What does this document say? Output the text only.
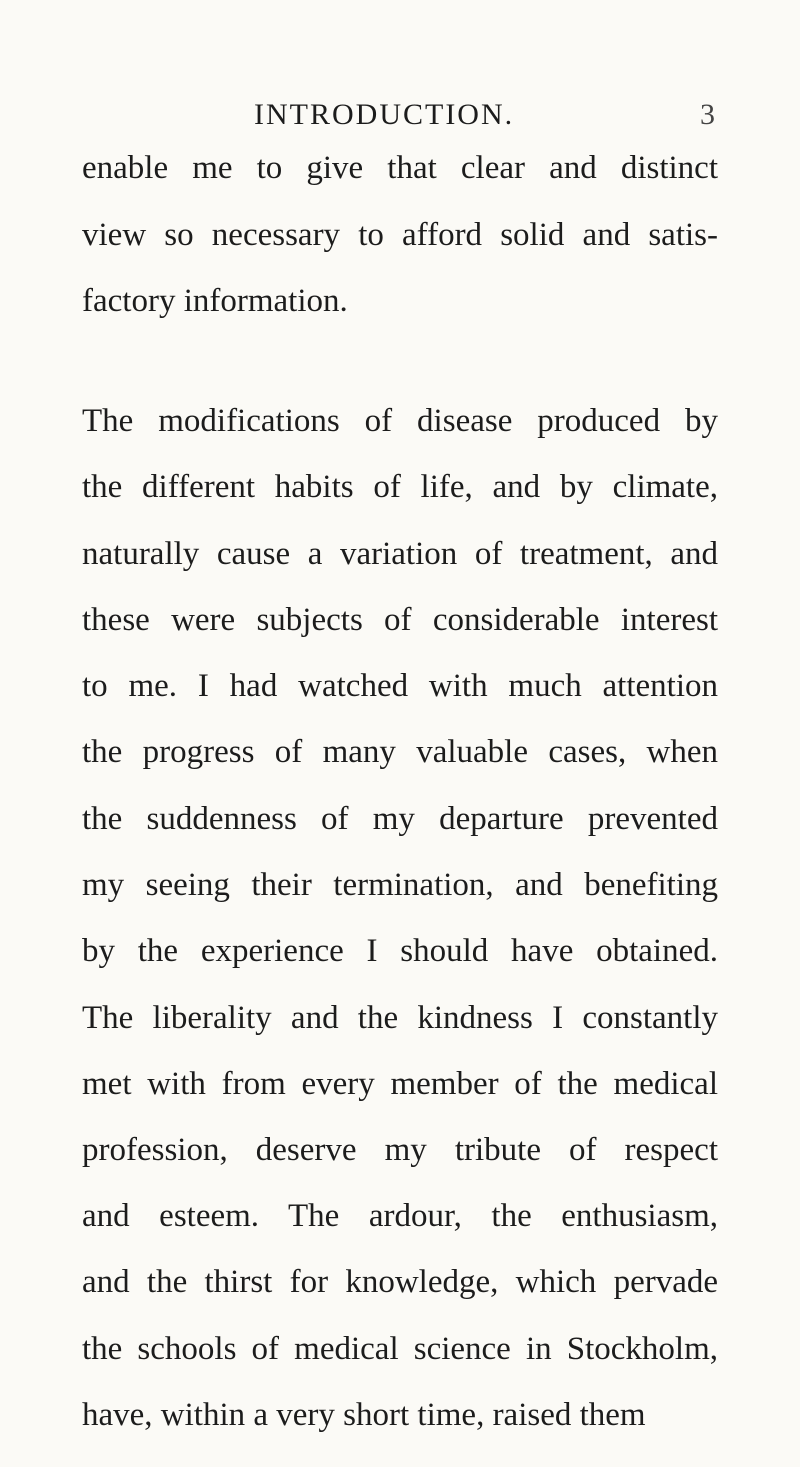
INTRODUCTION.	3
enable me to give that clear and distinct
view so necessary to afford solid and satis-
factory information.
The modifications of disease produced by
the different habits of life, and by climate,
naturally cause a variation of treatment, and
these were subjects of considerable interest
to me. I had watched with much attention
the progress of many valuable cases, when
the suddenness of my departure prevented
my seeing their termination, and benefiting
by the experience I should have obtained.
The liberality and the kindness I constantly
met with from every member of the medical
profession, deserve my tribute of respect
and esteem. The ardour, the enthusiasm,
and the thirst for knowledge, which pervade
the schools of medical science in Stockholm,
have, within a very short time, raised them
